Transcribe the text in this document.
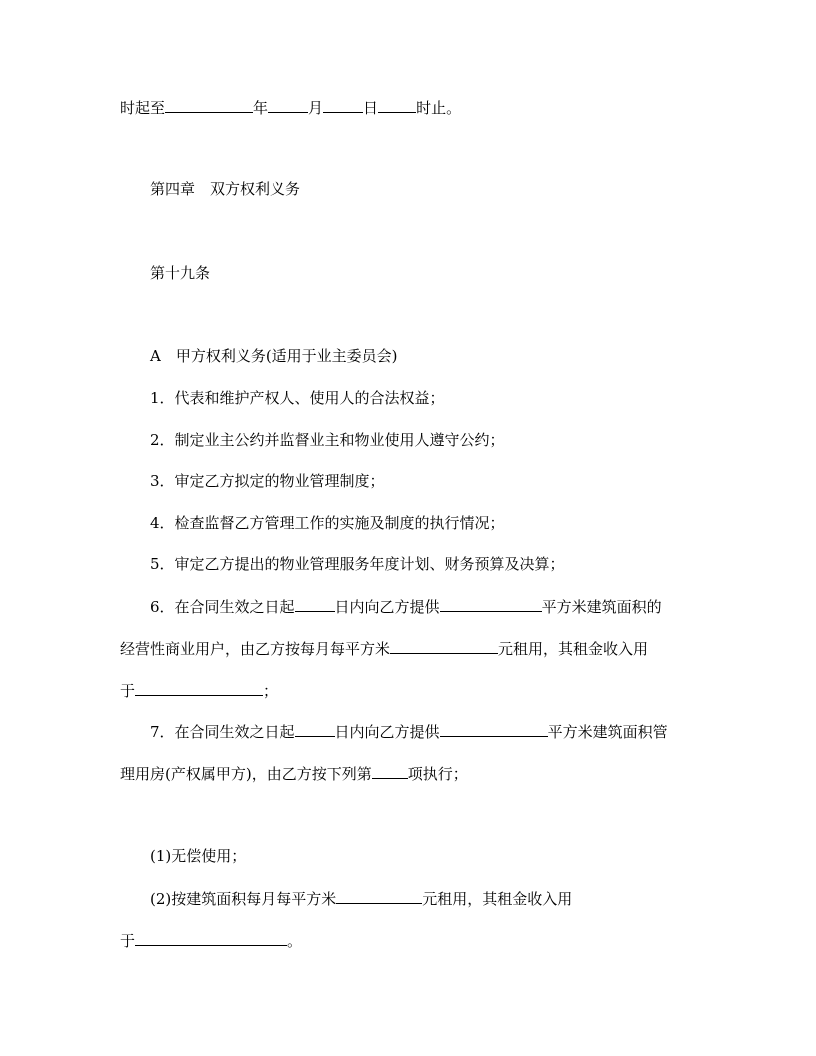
时起至	年	月	日	时止。
第四章　双方权利义务
第十九条
A　甲方权利义务(适用于业主委员会)
1．代表和维护产权人、使用人的合法权益；
2．制定业主公约并监督业主和物业使用人遵守公约；
3．审定乙方拟定的物业管理制度；
4．检查监督乙方管理工作的实施及制度的执行情况；
5．审定乙方提出的物业管理服务年度计划、财务预算及决算；
6．在合同生效之日起	日内向乙方提供	平方米建筑面积的
经营性商业用户，由乙方按每月每平方米	元租用，其租金收入用
于	；
7．在合同生效之日起	日内向乙方提供	平方米建筑面积管
理用房(产权属甲方)，由乙方按下列第 项执行；
(1)无偿使用；
(2)按建筑面积每月每平方米	元租用，其租金收入用
于	。
